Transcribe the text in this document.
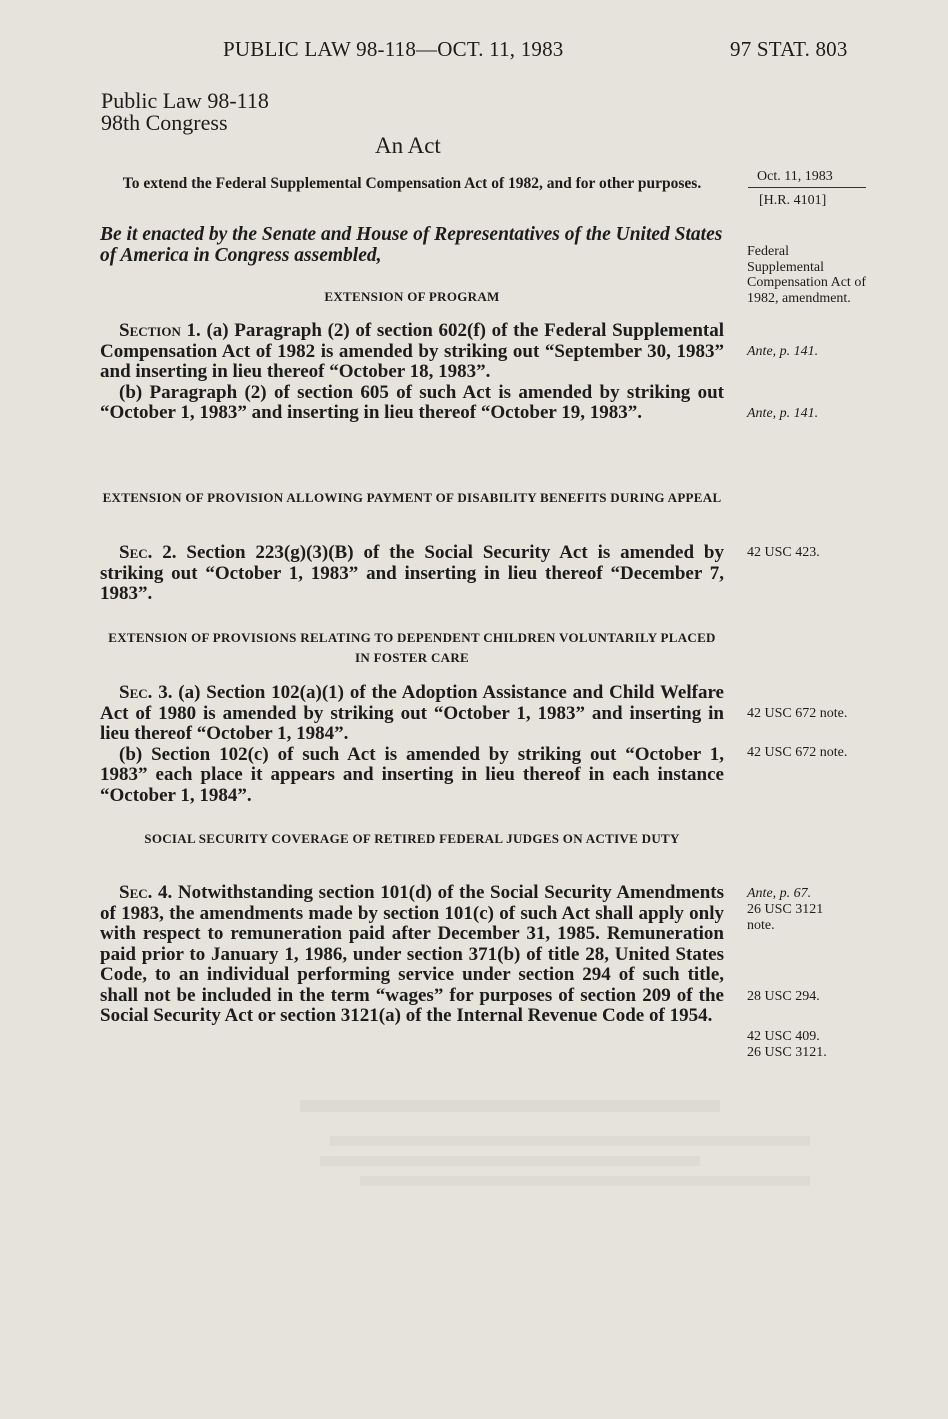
PUBLIC LAW 98-118—OCT. 11, 1983	97 STAT. 803
Public Law 98-118
98th Congress
An Act
To extend the Federal Supplemental Compensation Act of 1982, and for other purposes.
Be it enacted by the Senate and House of Representatives of the United States of America in Congress assembled,
EXTENSION OF PROGRAM

Section 1. (a) Paragraph (2) of section 602(f) of the Federal Supplemental Compensation Act of 1982 is amended by striking out “September 30, 1983” and inserting in lieu thereof “October 18, 1983”.

(b) Paragraph (2) of section 605 of such Act is amended by striking out “October 1, 1983” and inserting in lieu thereof “October 19, 1983”.

EXTENSION OF PROVISION ALLOWING PAYMENT OF DISABILITY BENEFITS DURING APPEAL

Sec. 2. Section 223(g)(3)(B) of the Social Security Act is amended by striking out “October 1, 1983” and inserting in lieu thereof “December 7, 1983”.

EXTENSION OF PROVISIONS RELATING TO DEPENDENT CHILDREN VOLUNTARILY PLACED IN FOSTER CARE

Sec. 3. (a) Section 102(a)(1) of the Adoption Assistance and Child Welfare Act of 1980 is amended by striking out “October 1, 1983” and inserting in lieu thereof “October 1, 1984”.

(b) Section 102(c) of such Act is amended by striking out “October 1, 1983” each place it appears and inserting in lieu thereof in each instance “October 1, 1984”.

SOCIAL SECURITY COVERAGE OF RETIRED FEDERAL JUDGES ON ACTIVE DUTY

Sec. 4. Notwithstanding section 101(d) of the Social Security Amendments of 1983, the amendments made by section 101(c) of such Act shall apply only with respect to remuneration paid after December 31, 1985. Remuneration paid prior to January 1, 1986, under section 371(b) of title 28, United States Code, to an individual performing service under section 294 of such title, shall not be included in the term “wages” for purposes of section 209 of the Social Security Act or section 3121(a) of the Internal Revenue Code of 1954.

Oct. 11, 1983
[H.R. 4101]
Federal Supplemental Compensation Act of 1982, amendment.
Ante, p. 141.
Ante, p. 141.
42 USC 423.
42 USC 672 note.
42 USC 672 note.
Ante, p. 67.
26 USC 3121 note.
28 USC 294.
42 USC 409.
26 USC 3121.
